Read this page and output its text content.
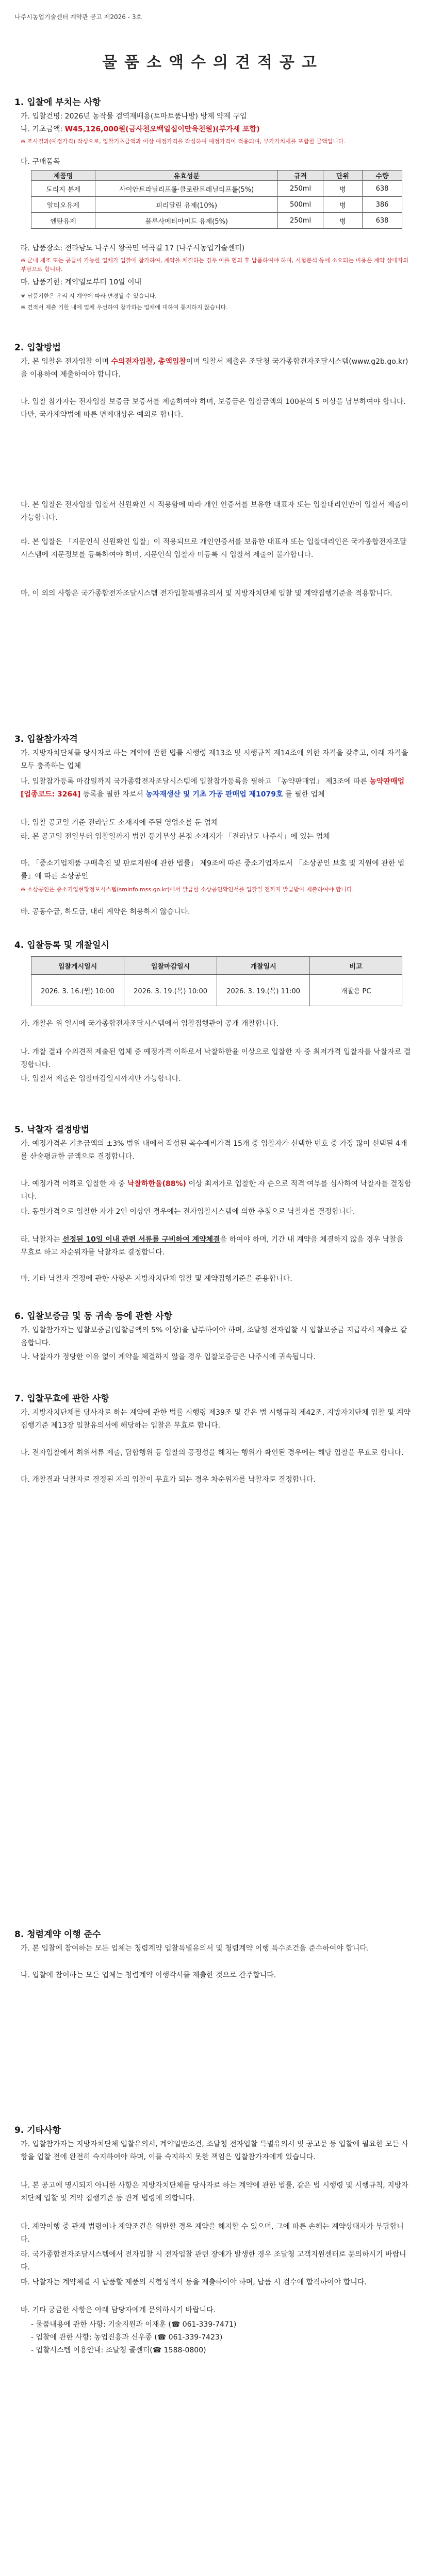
나주시농업기술센터 계약관 공고 제2026 - 3호
물품소액수의견적공고
1. 입찰에 부치는 사항
가. 입찰건명: 2026년 농작물 검역재배용(토마토품나방) 방제 약제 구입
나. 기초금액: ₩45,126,000원(금사천오백일십이만육천원)(부가세 포함)
※ 조사결과(예정가격) 작성으로, 입찰기초금액과 이상 예정가격을 작성하여 예정가격이 적용되며, 부가가치세를 포함한 금액입니다.
다. 구매품목
제품명	유효성분	규격	단위	수량
도리지 분제	사이안트라닐리프롤·클로란트레닐리프롤(5%)	250ml	병	638
알티오유제	피리달린 유제(10%)	500ml	병	386
엔탄유제	플루사메티아미드 유제(5%)	250ml	병	638
라. 납품장소: 전라남도 나주시 왕곡면 덕곡길 17 (나주시농업기술센터)
※ 군내 제조 또는 공급이 가능한 업체가 입찰에 참가하여, 계약을 체결하는 경우 이를 협의 후 납품하여야 하며, 시험분석 등에 소요되는 비용은 계약 상대자의 부담으로 합니다.
마. 납품기한: 계약일로부터 10일 이내
※ 납품기한은 우리 시 계약에 따라 변경될 수 있습니다.
※ 견적서 제출 기한 내에 업체 우선하여 참가하는 업체에 대하여 통지하지 않습니다.
2. 입찰방법
가. 본 입찰은 전자입찰 이며 수의전자입찰, 총액입찰이며 입찰서 제출은 조달청 국가종합전자조달시스템(www.g2b.go.kr)을 이용하여 제출하여야 합니다.
나. 입찰 참가자는 전자입찰 보증금 보증서를 제출하여야 하며, 보증금은 입찰금액의 100분의 5 이상을 납부하여야 합니다. 다만, 국가계약법에 따른 면제대상은 예외로 합니다.
다. 본 입찰은 전자입찰 입찰서 신원확인 시 적용함에 따라 개인 인증서를 보유한 대표자 또는 입찰대리인만이 입찰서 제출이 가능합니다.
라. 본 입찰은 「지문인식 신원확인 입찰」이 적용되므로 개인인증서를 보유한 대표자 또는 입찰대리인은 국가종합전자조달시스템에 지문정보를 등록하여야 하며, 지문인식 입찰자 미등록 시 입찰서 제출이 불가합니다.
마. 이 외의 사항은 국가종합전자조달시스템 전자입찰특별유의서 및 지방자치단체 입찰 및 계약집행기준을 적용합니다.
3. 입찰참가자격
가. 지방자치단체를 당사자로 하는 계약에 관한 법률 시행령 제13조 및 시행규칙 제14조에 의한 자격을 갖추고, 아래 자격을 모두 충족하는 업체
나. 입찰참가등록 마감일까지 국가종합전자조달시스템에 입찰참가등록을 필하고 「농약판매업」 제3조에 따른 농약판매업[업종코드: 3264] 등록을 필한 자로서 농자재생산 및 기초 가공 판매업 제1079호 를 필한 업체
다. 입찰 공고일 기준 전라남도 소재지에 주된 영업소를 둔 업체
라. 본 공고일 전일부터 입찰일까지 법인 등기부상 본점 소재지가 「전라남도 나주시」에 있는 업체
마. 「중소기업제품 구매촉진 및 판로지원에 관한 법률」 제9조에 따른 중소기업자로서 「소상공인 보호 및 지원에 관한 법률」에 따른 소상공인
※ 소상공인은 중소기업현황정보시스템(sminfo.mss.go.kr)에서 발급한 소상공인확인서를 입찰일 전까지 발급받아 제출하여야 합니다.
바. 공동수급, 하도급, 대리 계약은 허용하지 않습니다.
4. 입찰등록 및 개찰일시
입찰게시일시	입찰마감일시	개찰일시	비고
2026. 3. 16.(월) 10:00	2026. 3. 19.(목) 10:00	2026. 3. 19.(목) 11:00	개찰용 PC
가. 개찰은 위 일시에 국가종합전자조달시스템에서 입찰집행관이 공개 개찰합니다.
나. 개찰 결과 수의견적 제출된 업체 중 예정가격 이하로서 낙찰하한율 이상으로 입찰한 자 중 최저가격 입찰자를 낙찰자로 결정합니다.
다. 입찰서 제출은 입찰마감일시까지만 가능합니다.
5. 낙찰자 결정방법
가. 예정가격은 기초금액의 ±3% 범위 내에서 작성된 복수예비가격 15개 중 입찰자가 선택한 번호 중 가장 많이 선택된 4개를 산술평균한 금액으로 결정합니다.
나. 예정가격 이하로 입찰한 자 중 낙찰하한율(88%) 이상 최저가로 입찰한 자 순으로 적격 여부를 심사하여 낙찰자를 결정합니다.
다. 동일가격으로 입찰한 자가 2인 이상인 경우에는 전자입찰시스템에 의한 추첨으로 낙찰자를 결정합니다.
라. 낙찰자는 선정된 10일 이내 관련 서류를 구비하여 계약체결을 하여야 하며, 기간 내 계약을 체결하지 않을 경우 낙찰을 무효로 하고 차순위자를 낙찰자로 결정합니다.
마. 기타 낙찰자 결정에 관한 사항은 지방자치단체 입찰 및 계약집행기준을 준용합니다.
6. 입찰보증금 및 동 귀속 등에 관한 사항
가. 입찰참가자는 입찰보증금(입찰금액의 5% 이상)을 납부하여야 하며, 조달청 전자입찰 시 입찰보증금 지급각서 제출로 갈음합니다.
나. 낙찰자가 정당한 이유 없이 계약을 체결하지 않을 경우 입찰보증금은 나주시에 귀속됩니다.
7. 입찰무효에 관한 사항
가. 지방자치단체를 당사자로 하는 계약에 관한 법률 시행령 제39조 및 같은 법 시행규칙 제42조, 지방자치단체 입찰 및 계약 집행기준 제13장 입찰유의서에 해당하는 입찰은 무효로 합니다.
나. 전자입찰에서 허위서류 제출, 담합행위 등 입찰의 공정성을 해치는 행위가 확인된 경우에는 해당 입찰을 무효로 합니다.
다. 개찰결과 낙찰자로 결정된 자의 입찰이 무효가 되는 경우 차순위자를 낙찰자로 결정합니다.
8. 청렴계약 이행 준수
가. 본 입찰에 참여하는 모든 업체는 청렴계약 입찰특별유의서 및 청렴계약 이행 특수조건을 준수하여야 합니다.
나. 입찰에 참여하는 모든 업체는 청렴계약 이행각서를 제출한 것으로 간주합니다.
9. 기타사항
가. 입찰참가자는 지방자치단체 입찰유의서, 계약일반조건, 조달청 전자입찰 특별유의서 및 공고문 등 입찰에 필요한 모든 사항을 입찰 전에 완전히 숙지하여야 하며, 이를 숙지하지 못한 책임은 입찰참가자에게 있습니다.
나. 본 공고에 명시되지 아니한 사항은 지방자치단체를 당사자로 하는 계약에 관한 법률, 같은 법 시행령 및 시행규칙, 지방자치단체 입찰 및 계약 집행기준 등 관계 법령에 의합니다.
다. 계약이행 중 관계 법령이나 계약조건을 위반할 경우 계약을 해지할 수 있으며, 그에 따른 손해는 계약상대자가 부담합니다.
라. 국가종합전자조달시스템에서 전자입찰 시 전자입찰 관련 장애가 발생한 경우 조달청 고객지원센터로 문의하시기 바랍니다.
마. 낙찰자는 계약체결 시 납품할 제품의 시험성적서 등을 제출하여야 하며, 납품 시 검수에 합격하여야 합니다.
바. 기타 궁금한 사항은 아래 담당자에게 문의하시기 바랍니다.
- 물품내용에 관한 사항: 기술지원과 이재훈 (☎ 061-339-7471)
- 입찰에 관한 사항: 농업진흥과 신우종 (☎ 061-339-7423)
- 입찰시스템 이용안내: 조달청 콜센터(☎ 1588-0800)
